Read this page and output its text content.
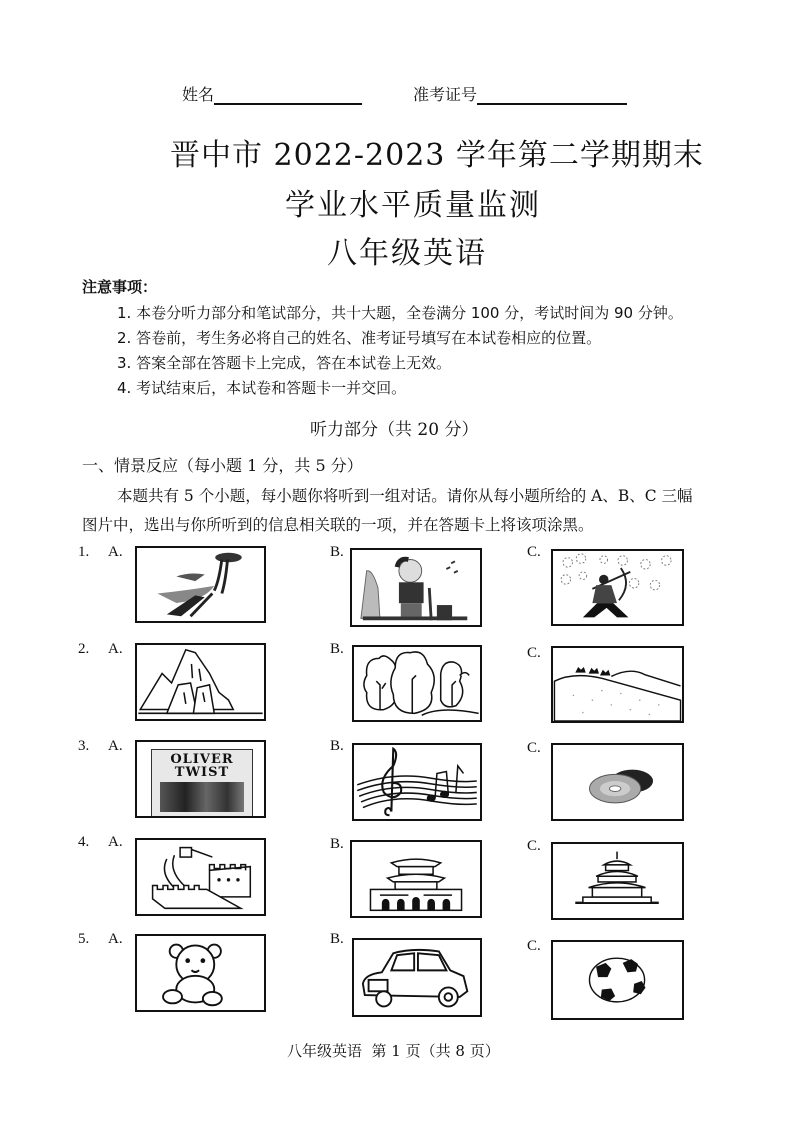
姓名	准考证号
晋中市 2022-2023 学年第二学期期末
学业水平质量监测
八年级英语
注意事项：
1. 本卷分听力部分和笔试部分，共十大题，全卷满分 100 分，考试时间为 90 分钟。
2. 答卷前，考生务必将自己的姓名、准考证号填写在本试卷相应的位置。
3. 答案全部在答题卡上完成，答在本试卷上无效。
4. 考试结束后，本试卷和答题卡一并交回。
听力部分（共 20 分）
一、情景反应（每小题 1 分，共 5 分）
本题共有 5 个小题，每小题你将听到一组对话。请你从每小题所给的 A、B、C 三幅
图片中，选出与你所听到的信息相关联的一项，并在答题卡上将该项涂黑。
1. A.	B.	C.
2. A.	B.	C.
3. A.
OLIVER
TWIST
B.	C.
4. A.	B.	C.
5. A.	B.	C.
八年级英语  第 1 页（共 8 页）
